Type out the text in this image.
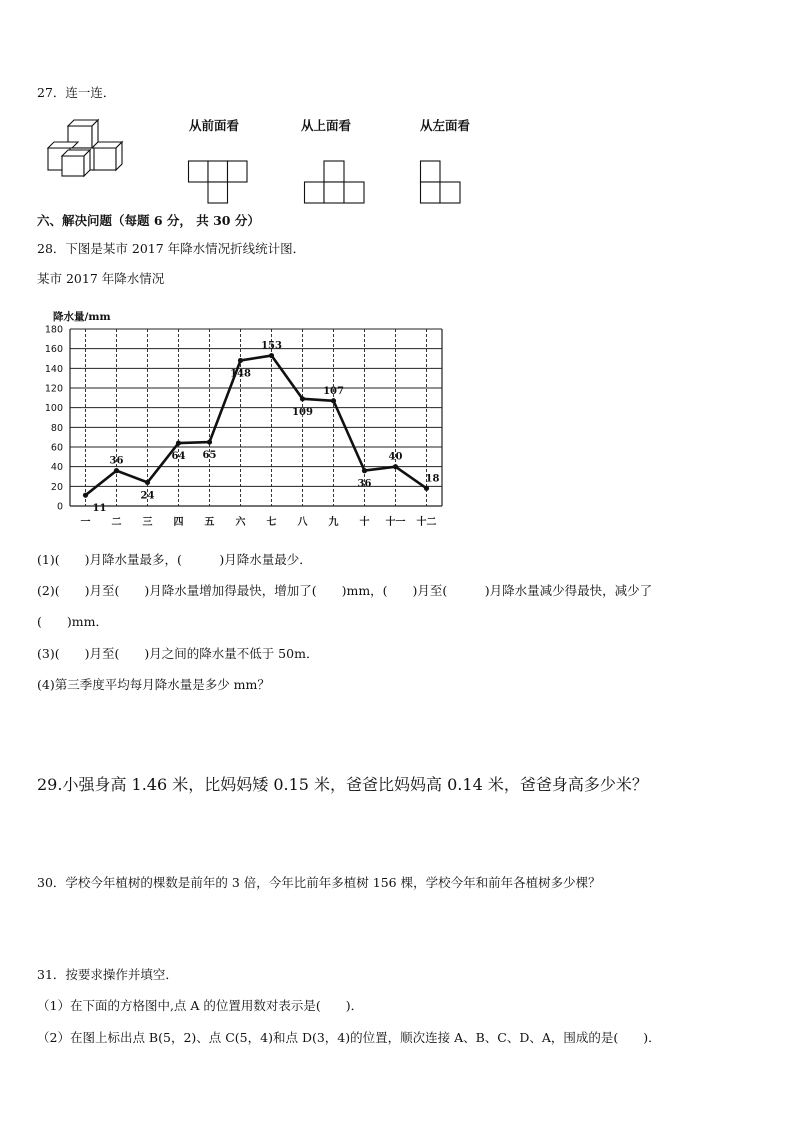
27．连一连．
从前面看	从上面看	从左面看
六、解决问题（每题 6 分， 共 30 分）
28．下图是某市 2017 年降水情况折线统计图．
某市 2017 年降水情况
0
20
40
60
80
100
120
140
160
180
一 二 三 四 五 六 七 八 九 十 十一 十二
11
36
24
64 65
148
153
109
107
36
40
18
降水量/mm
(1)(　　)月降水量最多，(　　　)月降水量最少．
(2)(　　)月至(　　)月降水量增加得最快，增加了(　　)mm，(　　)月至(　　　)月降水量减少得最快，减少了
(　　)mm．
(3)(　　)月至(　　)月之间的降水量不低于 50m．
(4)第三季度平均每月降水量是多少 mm？
29.小强身高 1.46 米，比妈妈矮 0.15 米，爸爸比妈妈高 0.14 米，爸爸身高多少米？
30．学校今年植树的棵数是前年的 3 倍，今年比前年多植树 156 棵，学校今年和前年各植树多少棵？
31．按要求操作并填空．
（1）在下面的方格图中,点 A 的位置用数对表示是(　　)．
（2）在图上标出点 B(5，2)、点 C(5，4)和点 D(3，4)的位置，顺次连接 A、B、C、D、A，围成的是(　　)．
